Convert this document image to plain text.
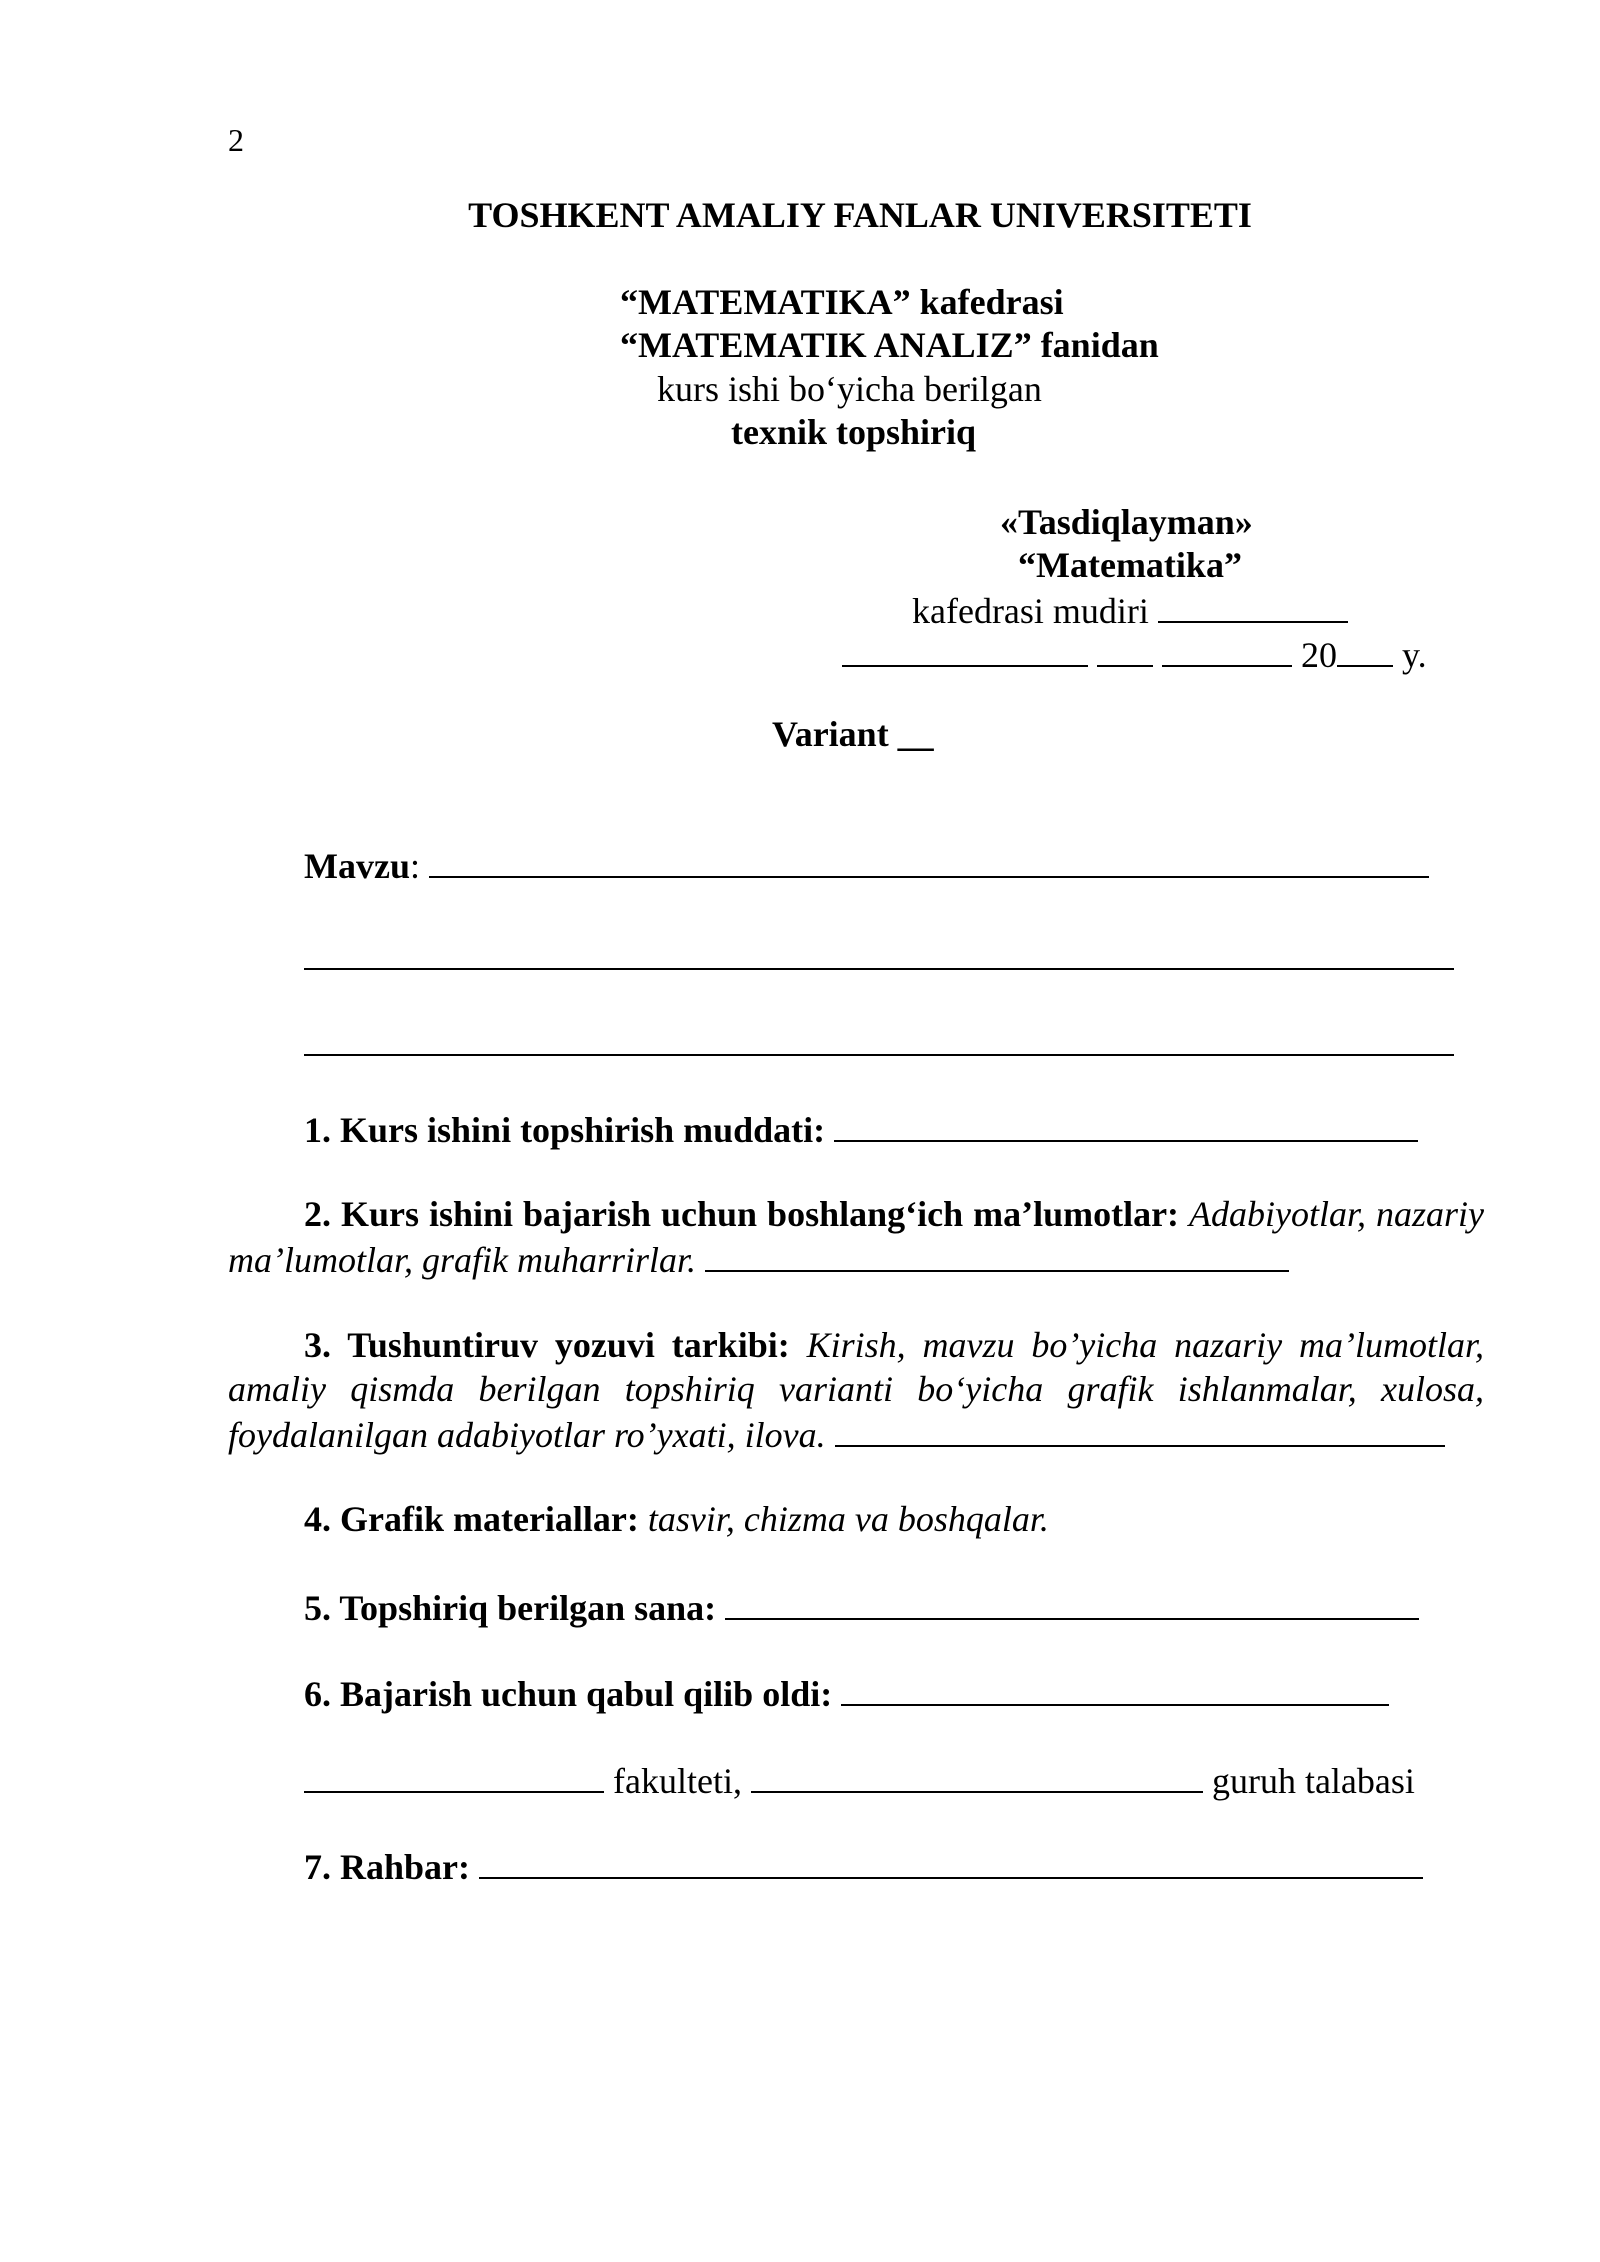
2
TOSHKENT AMALIY FANLAR UNIVERSITETI
“MATEMATIKA” kafedrasi
“MATEMATIK ANALIZ” fanidan
kurs ishi bo‘yicha berilgan
texnik topshiriq
«Tasdiqlayman»
“Matematika”
kafedrasi mudiri
20 y.
Variant __
Mavzu:
1. Kurs ishini topshirish muddati:
2. Kurs ishini bajarish uchun boshlang‘ich ma’lumotlar: Adabiyotlar, nazariy ma’lumotlar, grafik muharrirlar.
3. Tushuntiruv yozuvi tarkibi: Kirish, mavzu bo’yicha nazariy ma’lumotlar, amaliy qismda berilgan topshiriq varianti bo‘yicha grafik ishlanmalar, xulosa, foydalanilgan adabiyotlar ro’yxati, ilova.
4. Grafik materiallar: tasvir, chizma va boshqalar.
5. Topshiriq berilgan sana:
6. Bajarish uchun qabul qilib oldi:
fakulteti,	guruh talabasi
7. Rahbar:
